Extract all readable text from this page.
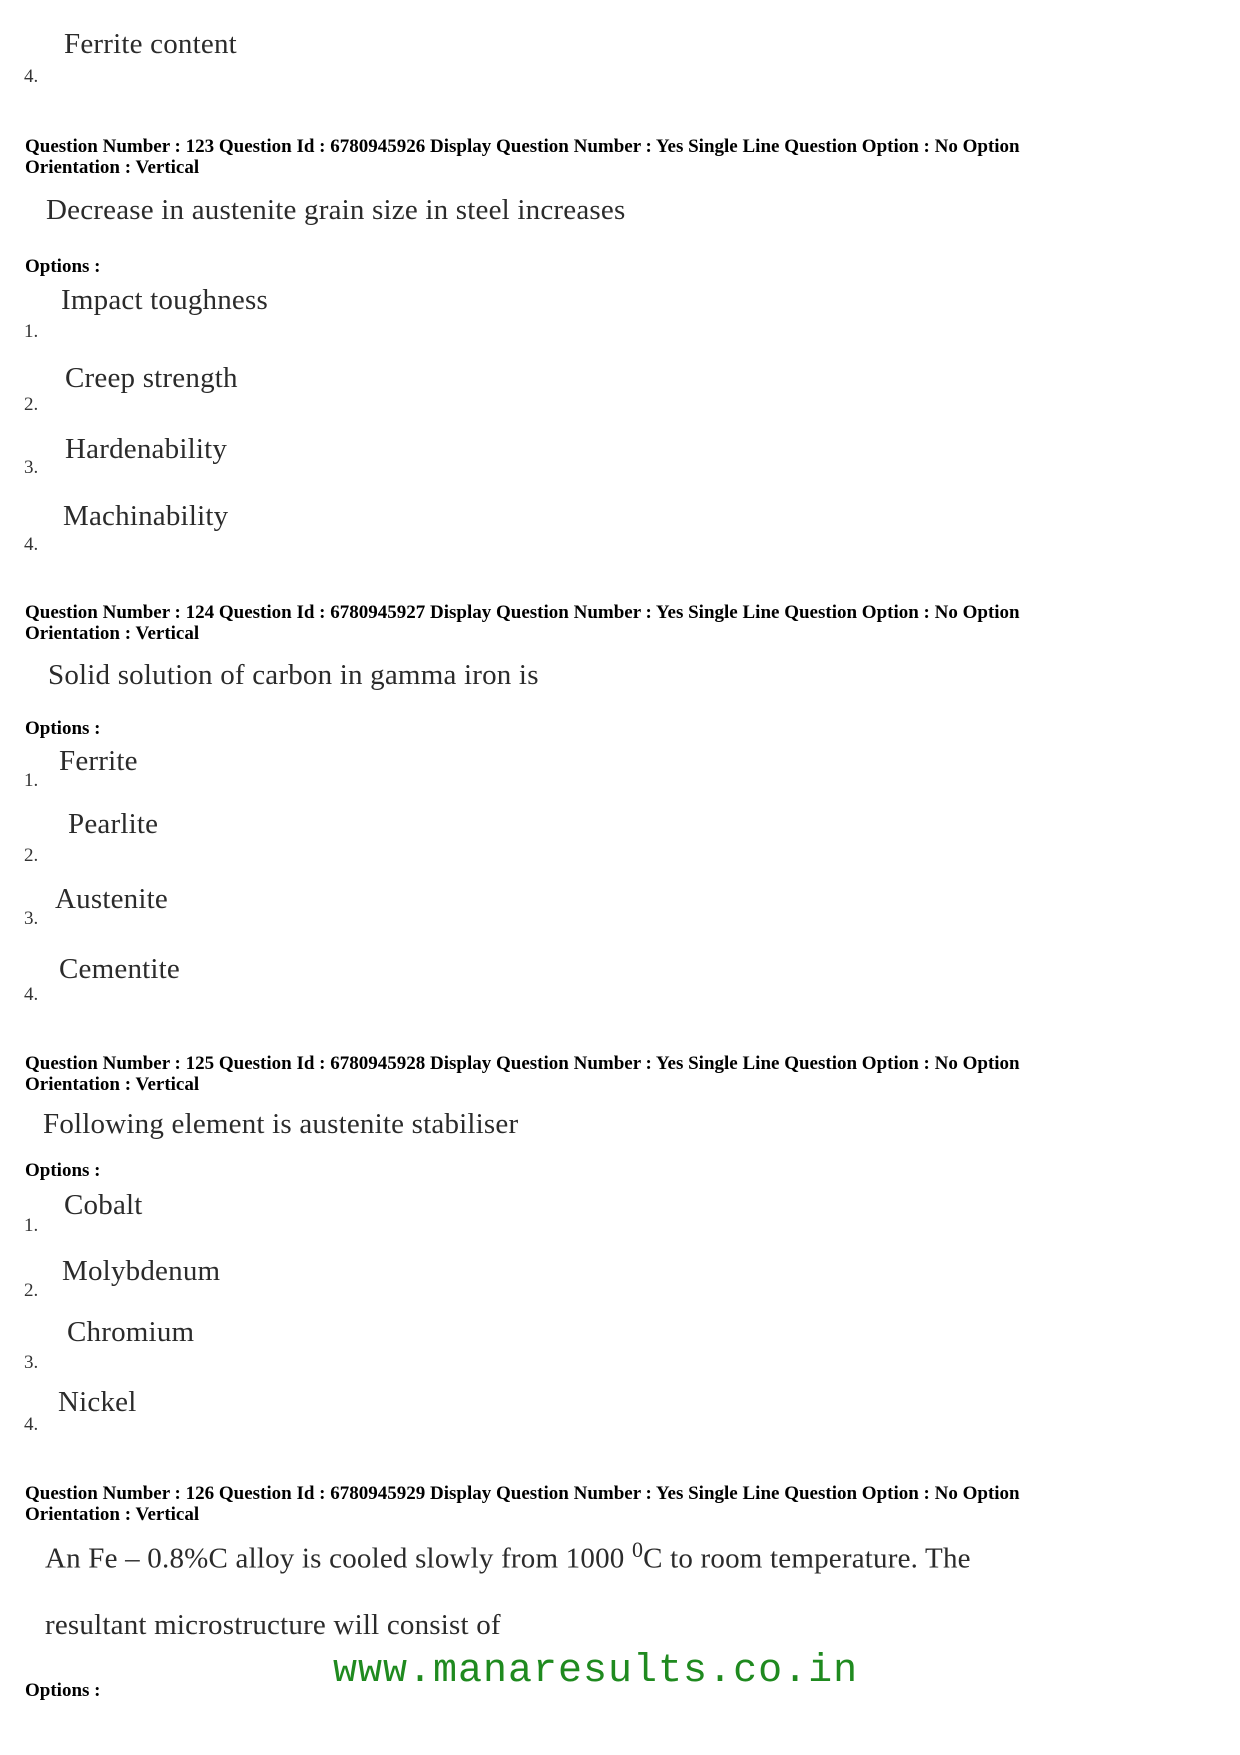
Ferrite content
4.
Question Number : 123 Question Id : 6780945926 Display Question Number : Yes Single Line Question Option : No Option
Orientation : Vertical
Decrease in austenite grain size in steel increases
Options :
Impact toughness
1.
Creep strength
2.
Hardenability
3.
Machinability
4.
Question Number : 124 Question Id : 6780945927 Display Question Number : Yes Single Line Question Option : No Option
Orientation : Vertical
Solid solution of carbon in gamma iron is
Options :
Ferrite
1.
Pearlite
2.
Austenite
3.
Cementite
4.
Question Number : 125 Question Id : 6780945928 Display Question Number : Yes Single Line Question Option : No Option
Orientation : Vertical
Following element is austenite stabiliser
Options :
Cobalt
1.
Molybdenum
2.
Chromium
3.
Nickel
4.
Question Number : 126 Question Id : 6780945929 Display Question Number : Yes Single Line Question Option : No Option
Orientation : Vertical
An Fe – 0.8%C alloy is cooled slowly from 1000 $^0$C to room temperature. The
resultant microstructure will consist of
Options :	www.manaresults.co.in
